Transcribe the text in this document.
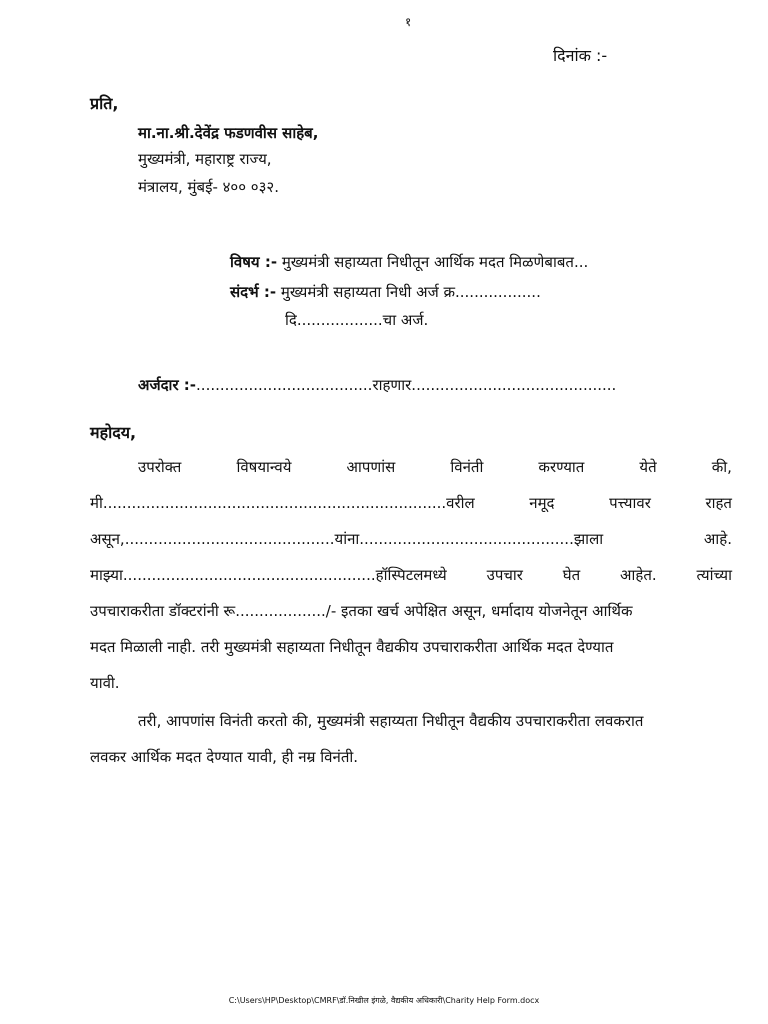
१
दिनांक :-
प्रति,
मा.ना.श्री.देवेंद्र फडणवीस साहेब,
मुख्यमंत्री, महाराष्ट्र राज्य,
मंत्रालय, मुंबई- ४०० ०३२.
विषय :- मुख्यमंत्री सहाय्यता निधीतून आर्थिक मदत मिळणेबाबत...
संदर्भ :- मुख्यमंत्री सहाय्यता निधी अर्ज क्र..................
दि..................चा अर्ज.
अर्जदार :-.....................................राहणार...........................................
महोदय,
उपरोक्त	विषयान्वये	आपणांस	विनंती	करण्यात	येते	की,
मी........................................................................वरील	नमूद	पत्त्यावर	राहत
असून,............................................यांना.............................................झाला	आहे.
माझ्या.....................................................हॉस्पिटलमध्ये	उपचार	घेत	आहेत.	त्यांच्या
उपचाराकरीता डॉक्टरांनी रू.................../- इतका खर्च अपेक्षित असून, धर्मादाय योजनेतून आर्थिक
मदत मिळाली नाही. तरी मुख्यमंत्री सहाय्यता निधीतून वैद्यकीय उपचाराकरीता आर्थिक मदत देण्यात
यावी.
तरी, आपणांस विनंती करतो की, मुख्यमंत्री सहाय्यता निधीतून वैद्यकीय उपचाराकरीता लवकरात
लवकर आर्थिक मदत देण्यात यावी, ही नम्र विनंती.
C:\Users\HP\Desktop\CMRF\डॉ.निखील इंगळे, वैद्यकीय अधिकारी\Charity Help Form.docx
